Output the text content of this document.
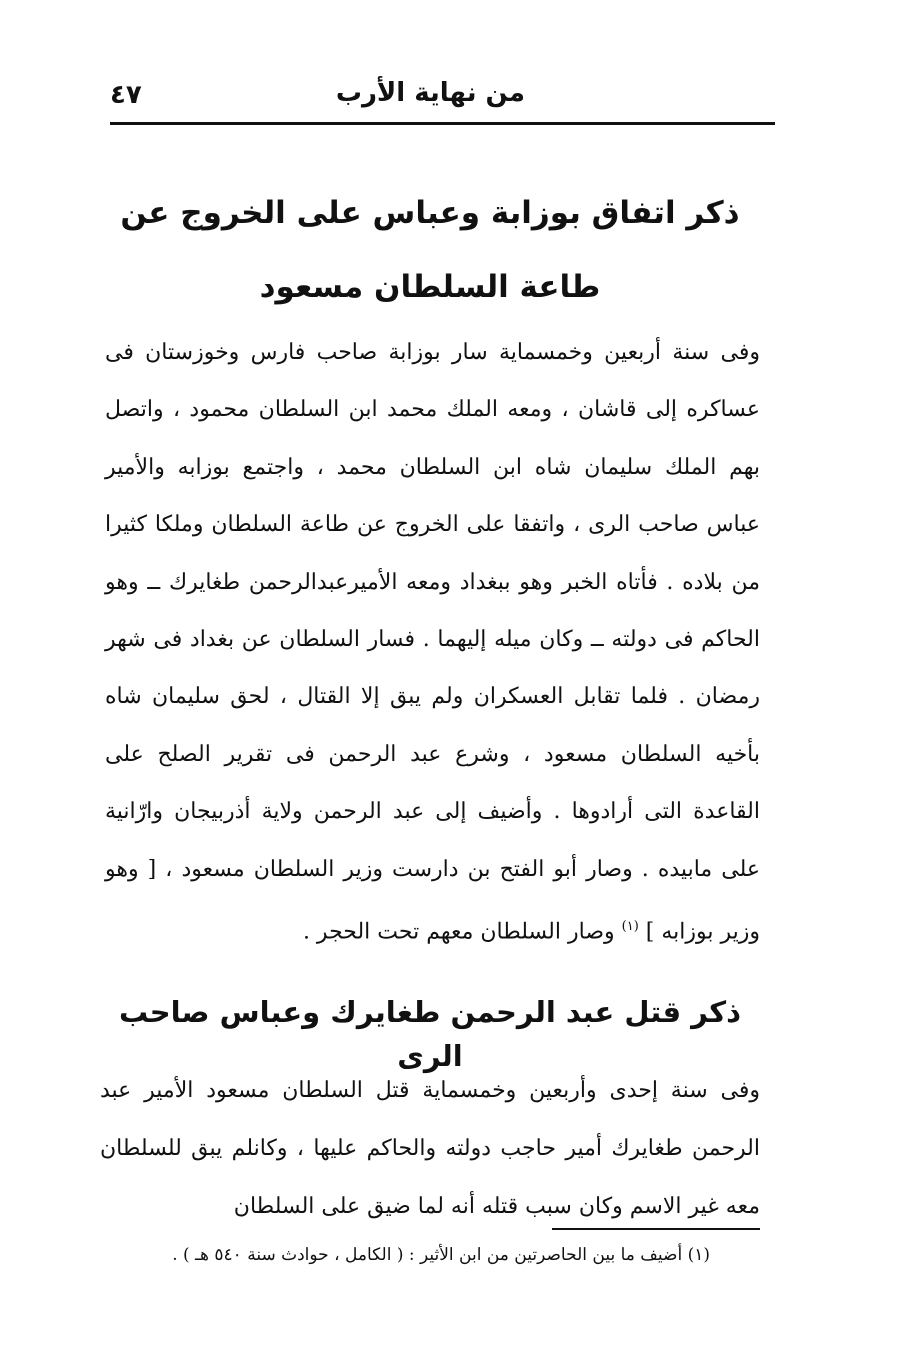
٤٧	من نهاية الأرب
ذكر اتفاق بوزابة وعباس على الخروج عن طاعة السلطان مسعود
وفى سنة أربعين وخمسماية سار بوزابة صاحب فارس وخوزستان فى عساكره إلى قاشان ، ومعه الملك محمد ابن السلطان محمود ، واتصل بهم الملك سليمان شاه ابن السلطان محمد ، واجتمع بوزابه والأمير عباس صاحب الرى ، واتفقا على الخروج عن طاعة السلطان وملكا كثيرا من بلاده . فأتاه الخبر وهو ببغداد ومعه الأميرعبدالرحمن طغايرك ــ وهو الحاكم فى دولته ــ وكان ميله إليهما . فسار السلطان عن بغداد فى شهر رمضان . فلما تقابل العسكران ولم يبق إلا القتال ، لحق سليمان شاه بأخيه السلطان مسعود ، وشرع عبد الرحمن فى تقرير الصلح على القاعدة التى أرادوها . وأضيف إلى عبد الرحمن ولاية أذربيجان وارّانية على مابيده . وصار أبو الفتح بن دارست وزير السلطان مسعود ، [ وهو وزير بوزابه ] $^{(١)}$ وصار السلطان معهم تحت الحجر .
ذكر قتل عبد الرحمن طغايرك وعباس صاحب الرى
وفى سنة إحدى وأربعين وخمسماية قتل السلطان مسعود الأمير عبد الرحمن طغايرك أمير حاجب دولته والحاكم عليها ، وكانلم يبق للسلطان معه غير الاسم وكان سبب قتله أنه لما ضيق على السلطان
(١) أضيف ما بين الحاصرتين من ابن الأثير : ( الكامل ، حوادث سنة ٥٤٠ هـ ) .
